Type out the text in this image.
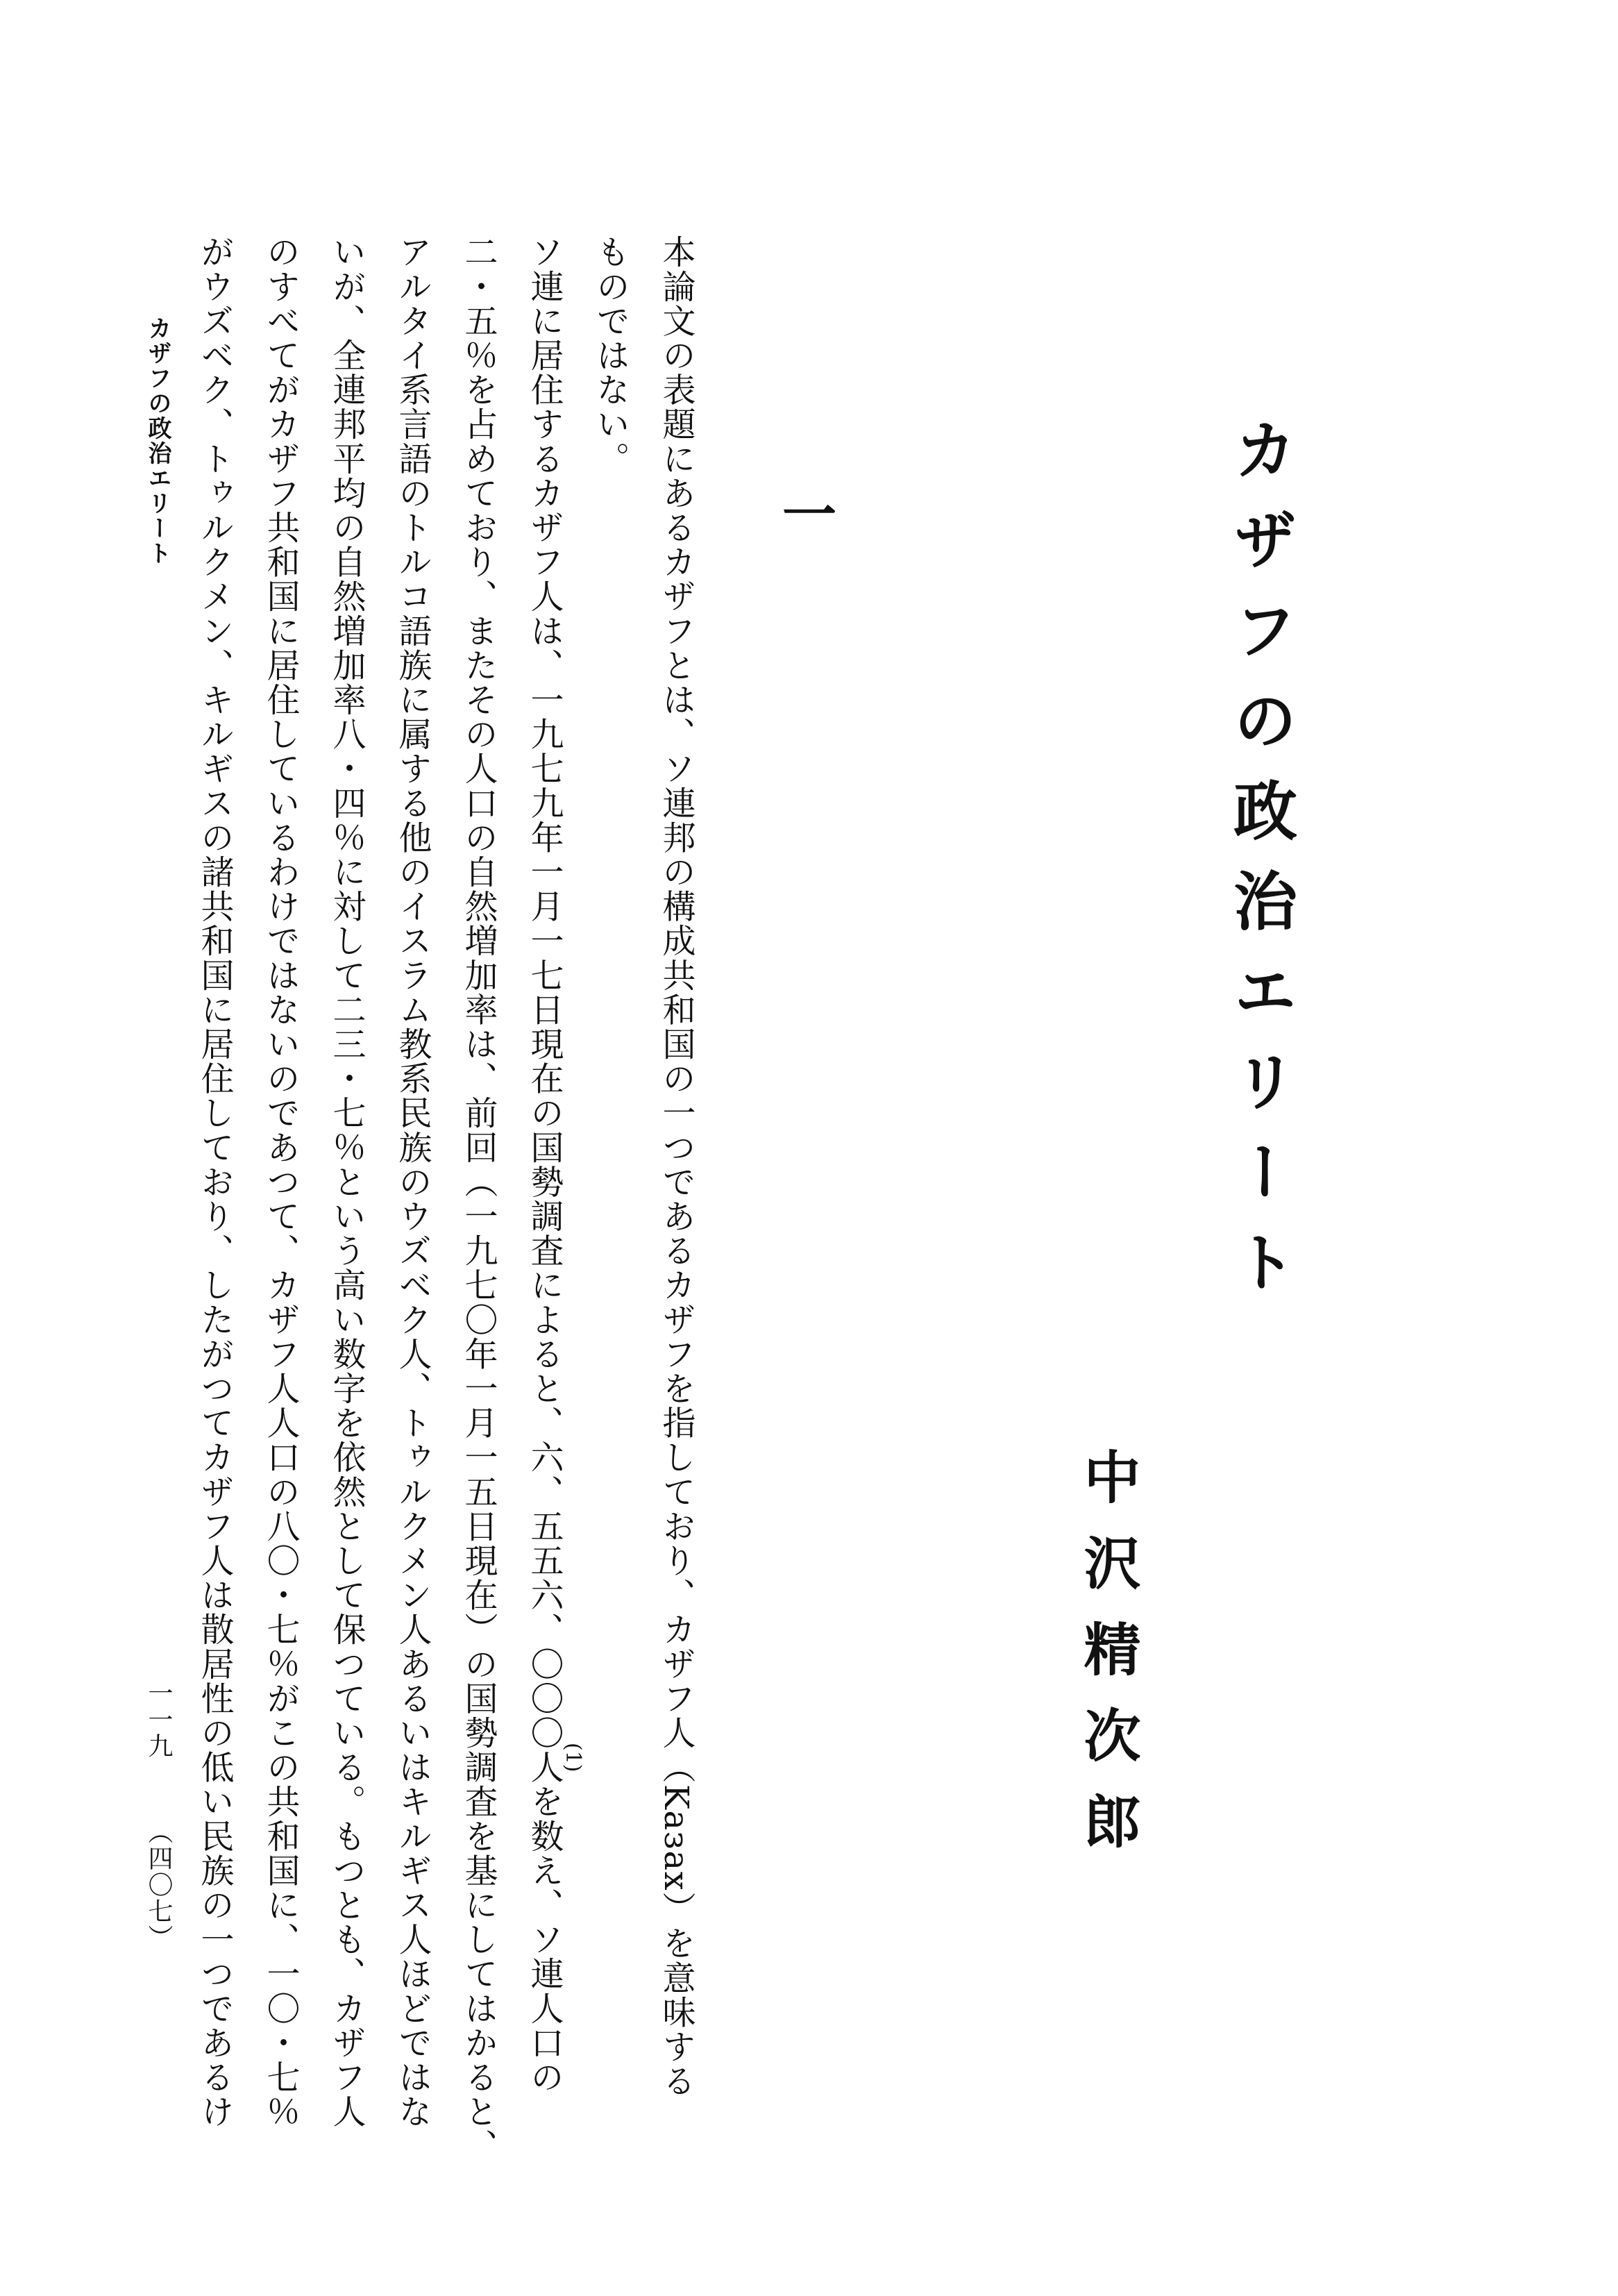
カザフの政治エリート
中沢精次郎
一
本論文の表題にあるカザフとは、ソ連邦の構成共和国の一つであるカザフを指しており、カザフ人（Kазах）を意味する
ものではない。
ソ連に居住するカザフ人は、一九七九年一月一七日現在の国勢調査によると、六、五五六、〇〇〇人を数え、ソ連人口の
二・五％を占めており、またその人口の自然増加率は、前回（一九七〇年一月一五日現在）の国勢調査を基にしてはかると、
アルタイ系言語のトルコ語族に属する他のイスラム教系民族のウズベク人、トゥルクメン人あるいはキルギス人ほどではな
いが、全連邦平均の自然増加率八・四％に対して二三・七％という高い数字を依然として保つている。もつとも、カザフ人
のすべてがカザフ共和国に居住しているわけではないのであつて、カザフ人人口の八〇・七％がこの共和国に、一〇・七％
がウズベク、トゥルクメン、キルギスの諸共和国に居住しており、したがつてカザフ人は散居性の低い民族の一つであるけ	(1)
カザフの政治エリート
一一九
（四〇七）
